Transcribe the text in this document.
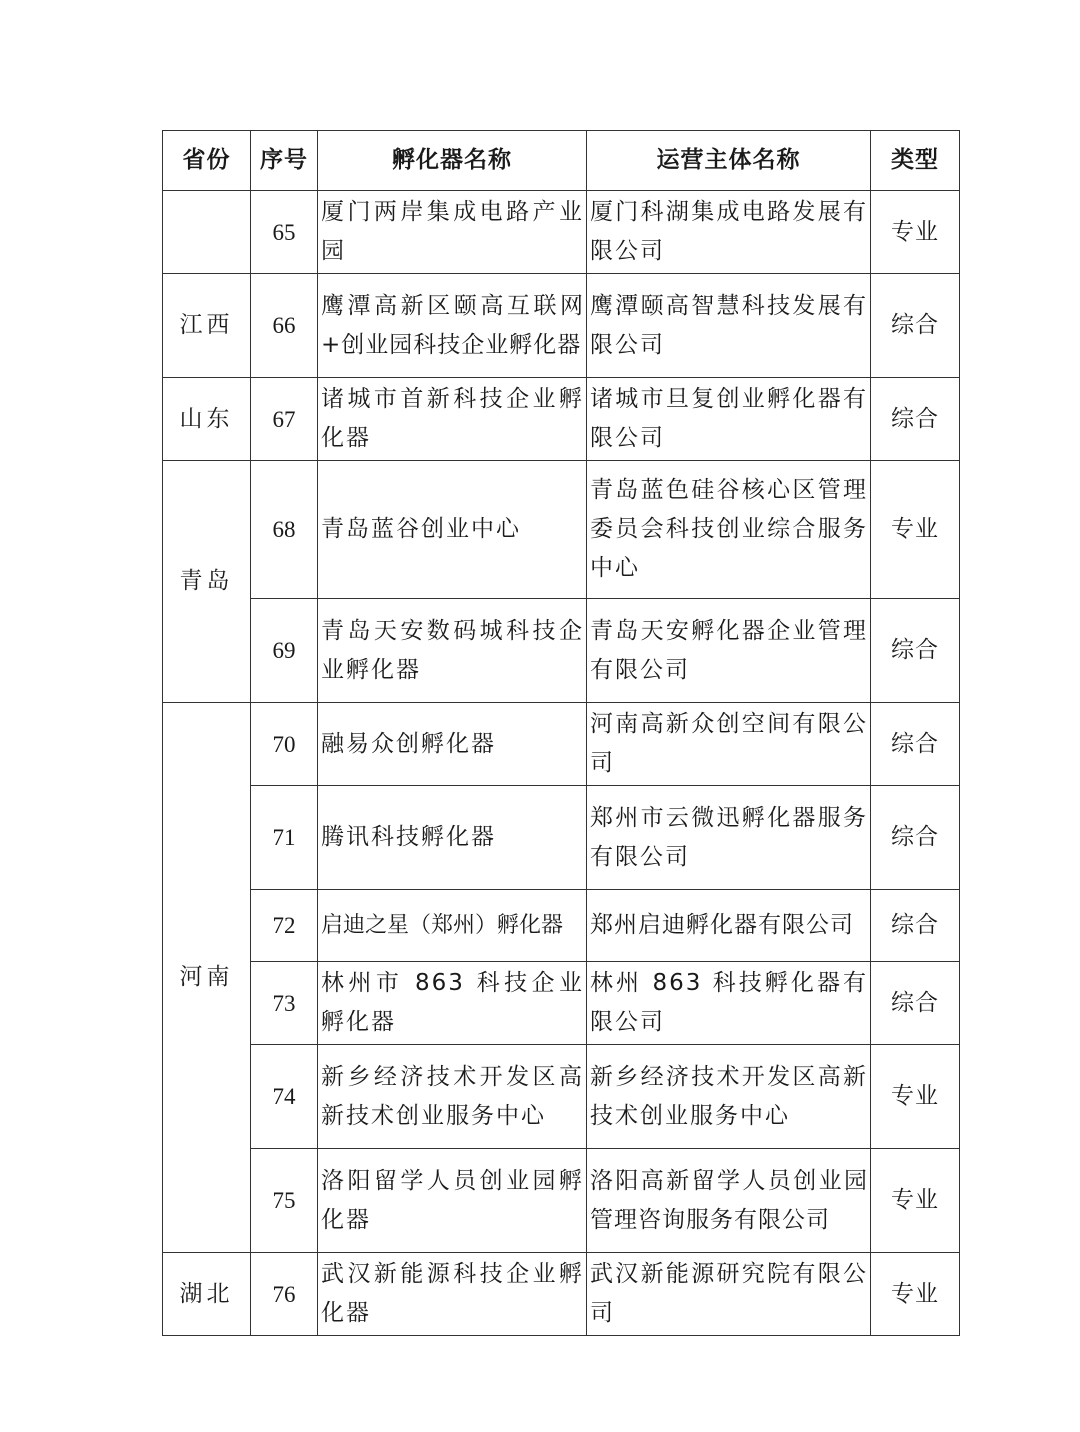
省份	序号	孵化器名称	运营主体名称	类型
	65	厦门两岸集成电路产业园	厦门科湖集成电路发展有限公司	专业
江西	66	鹰潭高新区颐高互联网+创业园科技企业孵化器	鹰潭颐高智慧科技发展有限公司	综合
山东	67	诸城市首新科技企业孵化器	诸城市旦复创业孵化器有限公司	综合
青岛	68	青岛蓝谷创业中心	青岛蓝色硅谷核心区管理委员会科技创业综合服务中心	专业
	69	青岛天安数码城科技企业孵化器	青岛天安孵化器企业管理有限公司	综合
河南	70	融易众创孵化器	河南高新众创空间有限公司	综合
	71	腾讯科技孵化器	郑州市云微迅孵化器服务有限公司	综合
	72	启迪之星（郑州）孵化器	郑州启迪孵化器有限公司	综合
	73	林州市 863 科技企业孵化器	林州 863 科技孵化器有限公司	综合
	74	新乡经济技术开发区高新技术创业服务中心	新乡经济技术开发区高新技术创业服务中心	专业
	75	洛阳留学人员创业园孵化器	洛阳高新留学人员创业园管理咨询服务有限公司	专业
湖北	76	武汉新能源科技企业孵化器	武汉新能源研究院有限公司	专业
